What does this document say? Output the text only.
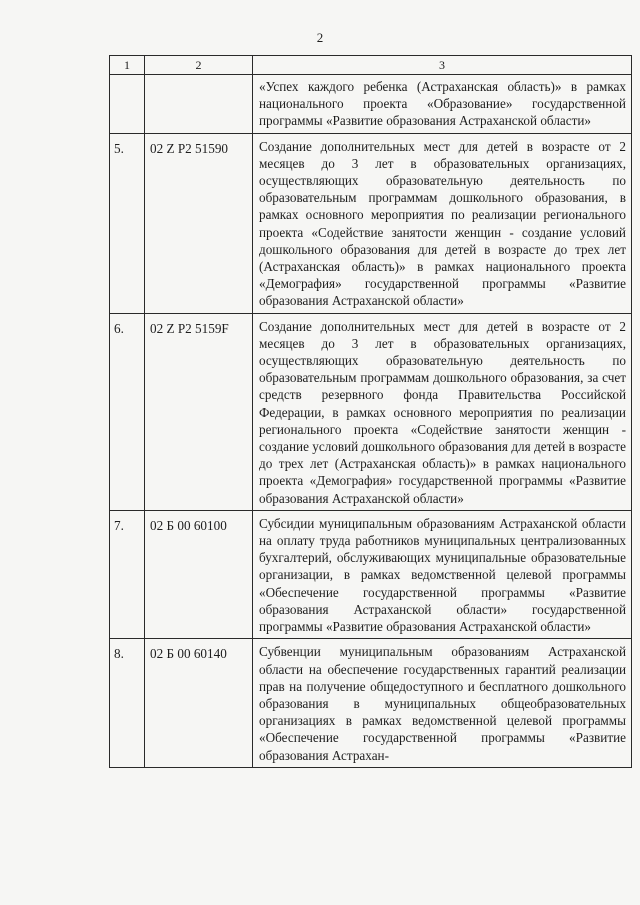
2
1	2	3
		«Успех каждого ребенка (Астраханская область)» в рамках национального проекта «Образование» государственной программы «Развитие образования Астраханской области»
5.	02 Z P2 51590	Создание дополнительных мест для детей в возрасте от 2 месяцев до 3 лет в образовательных организациях, осуществляющих образовательную деятельность по образовательным программам дошкольного образования, в рамках основного мероприятия по реализации регионального проекта «Содействие занятости женщин - создание условий дошкольного образования для детей в возрасте до трех лет (Астраханская область)» в рамках национального проекта «Демография» государственной программы «Развитие образования Астраханской области»
6.	02 Z P2 5159F	Создание дополнительных мест для детей в возрасте от 2 месяцев до 3 лет в образовательных организациях, осуществляющих образовательную деятельность по образовательным программам дошкольного образования, за счет средств резервного фонда Правительства Российской Федерации, в рамках основного мероприятия по реализации регионального проекта «Содействие занятости женщин - создание условий дошкольного образования для детей в возрасте до трех лет (Астраханская область)» в рамках национального проекта «Демография» государственной программы «Развитие образования Астраханской области»
7.	02 Б 00 60100	Субсидии муниципальным образованиям Астраханской области на оплату труда работников муниципальных централизованных бухгалтерий, обслуживающих муниципальные образовательные организации, в рамках ведомственной целевой программы «Обеспечение государственной программы «Развитие образования Астраханской области» государственной программы «Развитие образования Астраханской области»
8.	02 Б 00 60140	Субвенции муниципальным образованиям Астраханской области на обеспечение государственных гарантий реализации прав на получение общедоступного и бесплатного дошкольного образования в муниципальных общеобразовательных организациях в рамках ведомственной целевой программы «Обеспечение государственной программы «Развитие образования Астрахан-
